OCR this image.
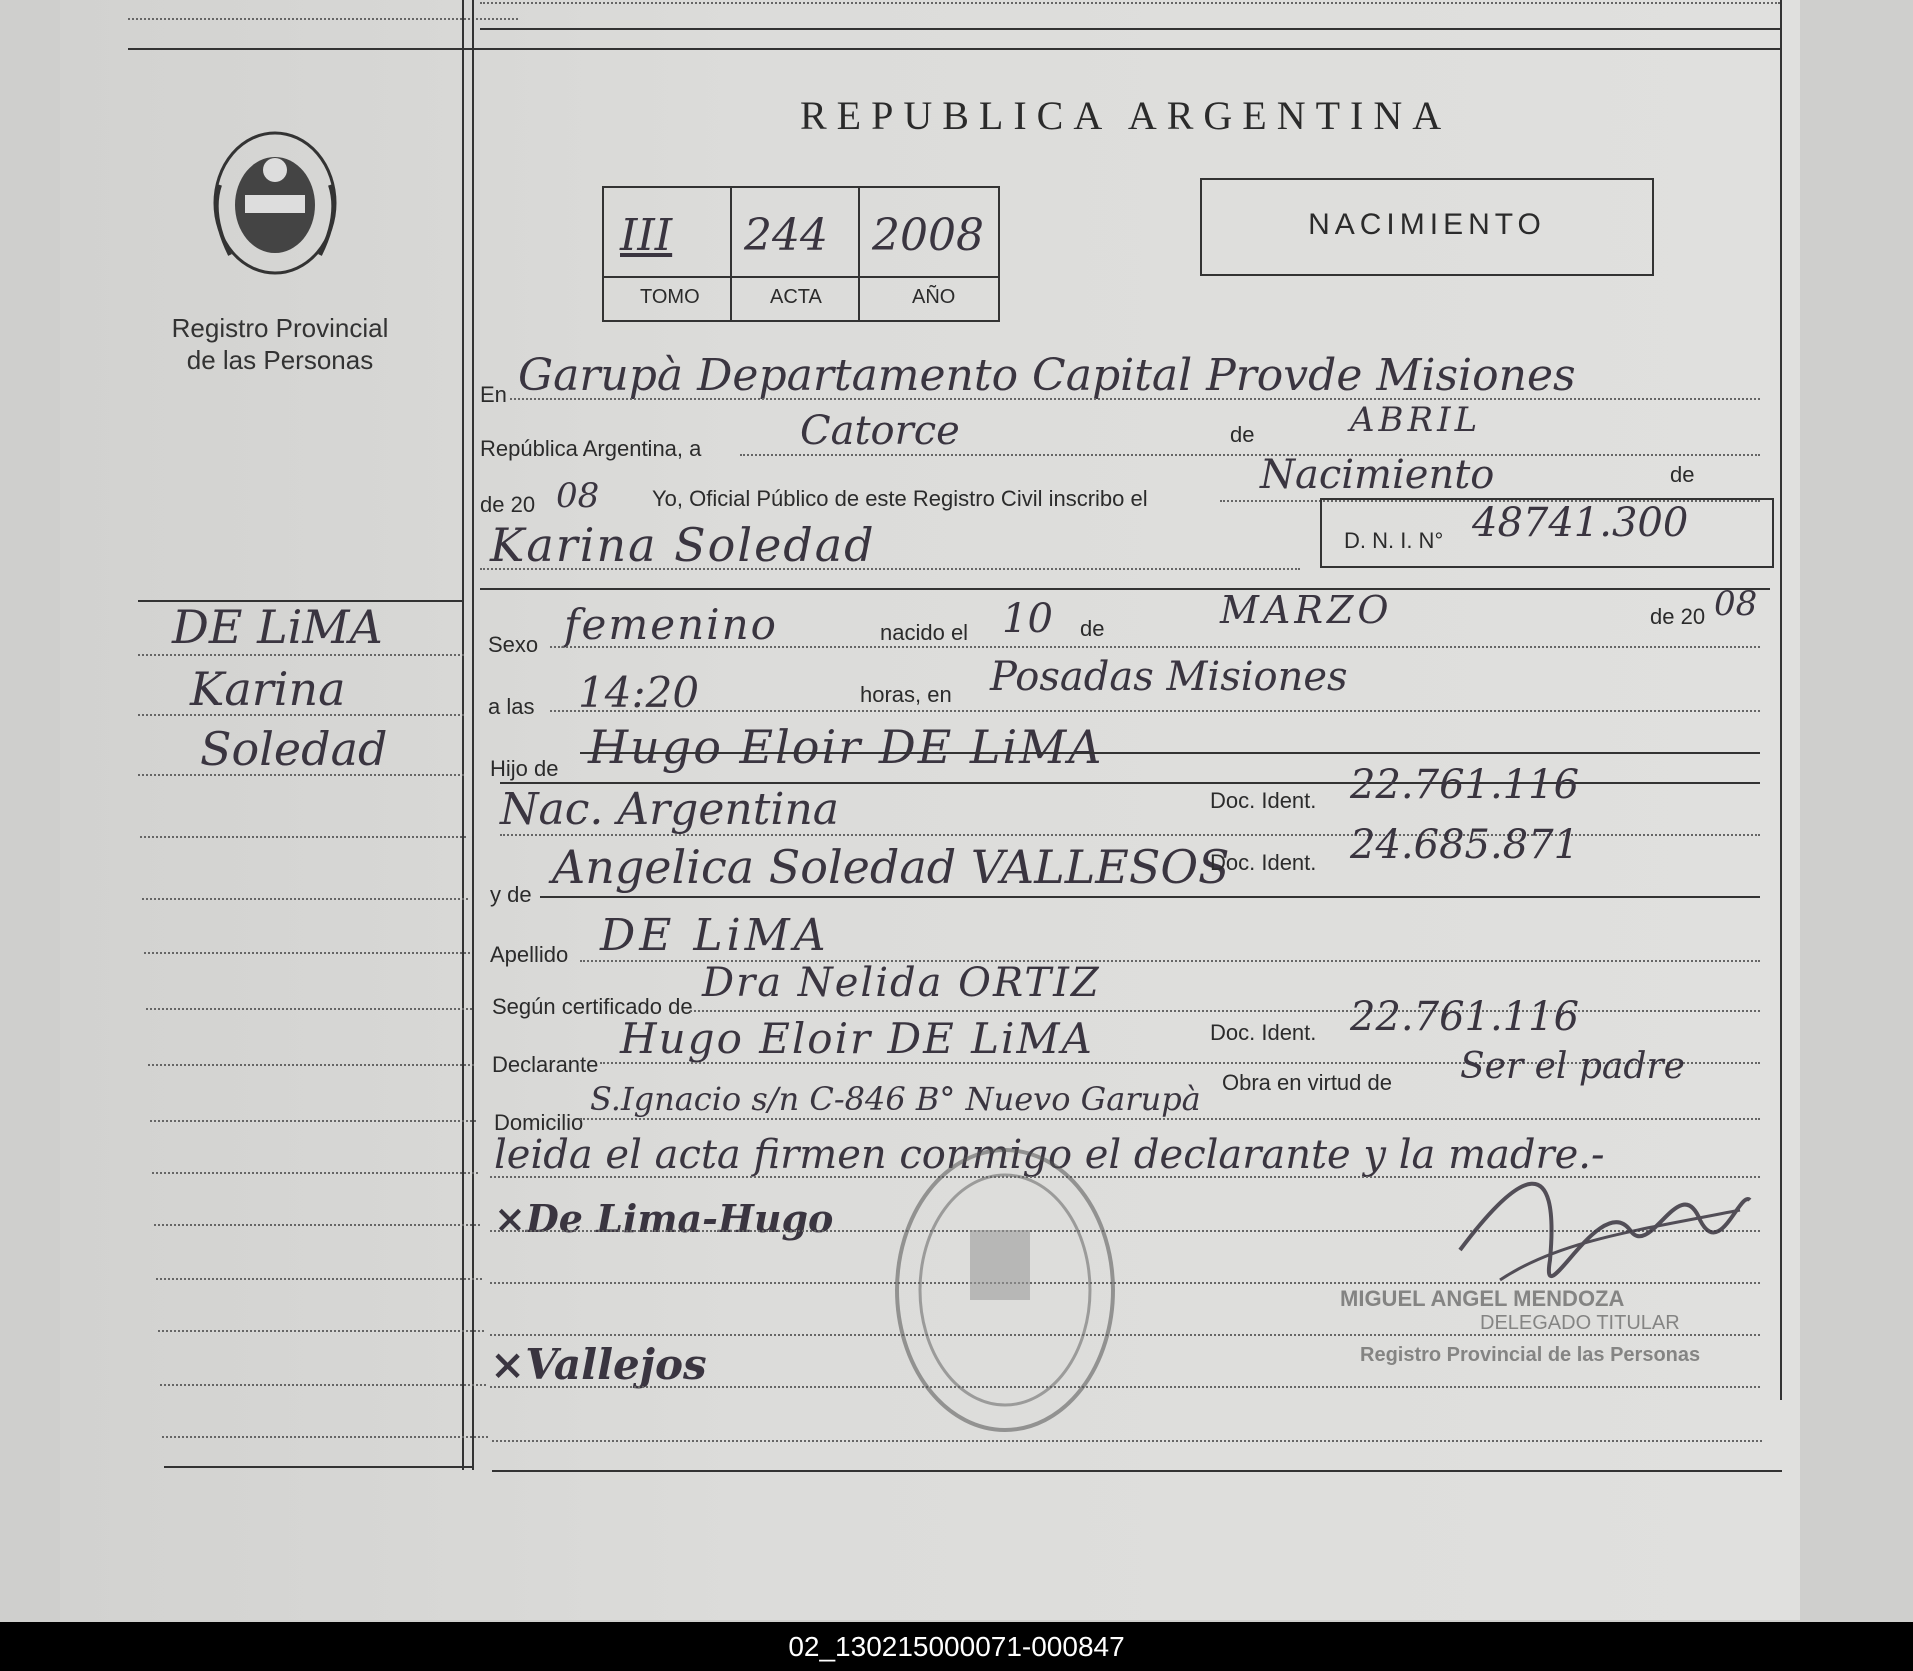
Registro Provincial
de las Personas
REPUBLICA ARGENTINA
III 244 2008
TOMO	ACTA	AÑO
NACIMIENTO
DE LiMA
Karina
Soledad
En Garupà Departamento Capital Provde Misiones
República Argentina, a Catorce	de	ABRIL
de 20 08 Yo, Oficial Público de este Registro Civil inscribo el
Nacimiento	de
Karina Soledad	D. N. I. N° 48741.300
Sexo femenino	nacido el 10 de	MARZO	de 20 08
a las 14:20	horas, en Posadas Misiones
Hijo de Hugo Eloir DE LiMA
Nac. Argentina	Doc. Ident. 22.761.116
y de
Angelica Soledad VALLESOS
Doc. Ident. 24.685.871
Apellido DE LiMA
Según certificado de
Dra Nelida ORTIZ
Declarante
Hugo Eloir DE LiMA	Doc. Ident. 22.761.116
Domicilio
S.Ignacio s/n C-846 B° Nuevo Garupà Obra en virtud de Ser el padre
leida el acta firmen conmigo el declarante y la madre.-
×De Lima-Hugo
×Vallejos
MIGUEL ANGEL MENDOZA
DELEGADO TITULAR
Registro Provincial de las Personas
02_130215000071-000847
